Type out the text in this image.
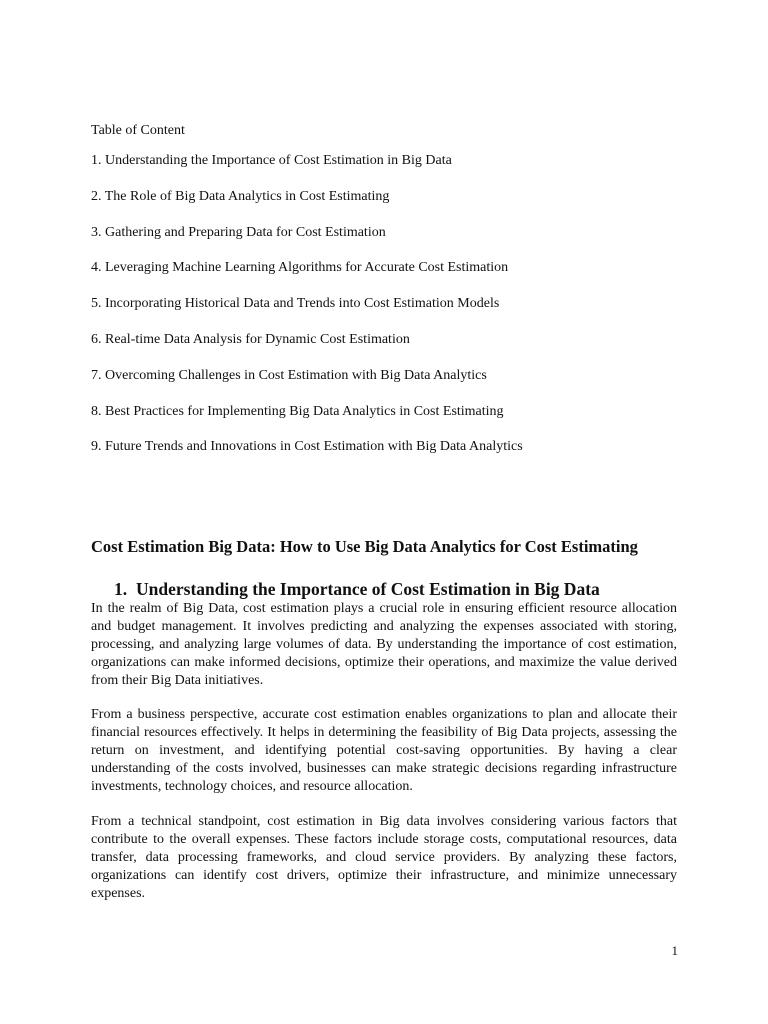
Table of Content
1. Understanding the Importance of Cost Estimation in Big Data
2. The Role of Big Data Analytics in Cost Estimating
3. Gathering and Preparing Data for Cost Estimation
4. Leveraging Machine Learning Algorithms for Accurate Cost Estimation
5. Incorporating Historical Data and Trends into Cost Estimation Models
6. Real-time Data Analysis for Dynamic Cost Estimation
7. Overcoming Challenges in Cost Estimation with Big Data Analytics
8. Best Practices for Implementing Big Data Analytics in Cost Estimating
9. Future Trends and Innovations in Cost Estimation with Big Data Analytics
Cost Estimation Big Data: How to Use Big Data Analytics for Cost Estimating
1. Understanding the Importance of Cost Estimation in Big Data

In the realm of Big Data, cost estimation plays a crucial role in ensuring efficient resource allocation and budget management. It involves predicting and analyzing the expenses associated with storing, processing, and analyzing large volumes of data. By understanding the importance of cost estimation, organizations can make informed decisions, optimize their operations, and maximize the value derived from their Big Data initiatives.

From a business perspective, accurate cost estimation enables organizations to plan and allocate their financial resources effectively. It helps in determining the feasibility of Big Data projects, assessing the return on investment, and identifying potential cost-saving opportunities. By having a clear understanding of the costs involved, businesses can make strategic decisions regarding infrastructure investments, technology choices, and resource allocation.

From a technical standpoint, cost estimation in Big data involves considering various factors that contribute to the overall expenses. These factors include storage costs, computational resources, data transfer, data processing frameworks, and cloud service providers. By analyzing these factors, organizations can identify cost drivers, optimize their infrastructure, and minimize unnecessary expenses.

1
